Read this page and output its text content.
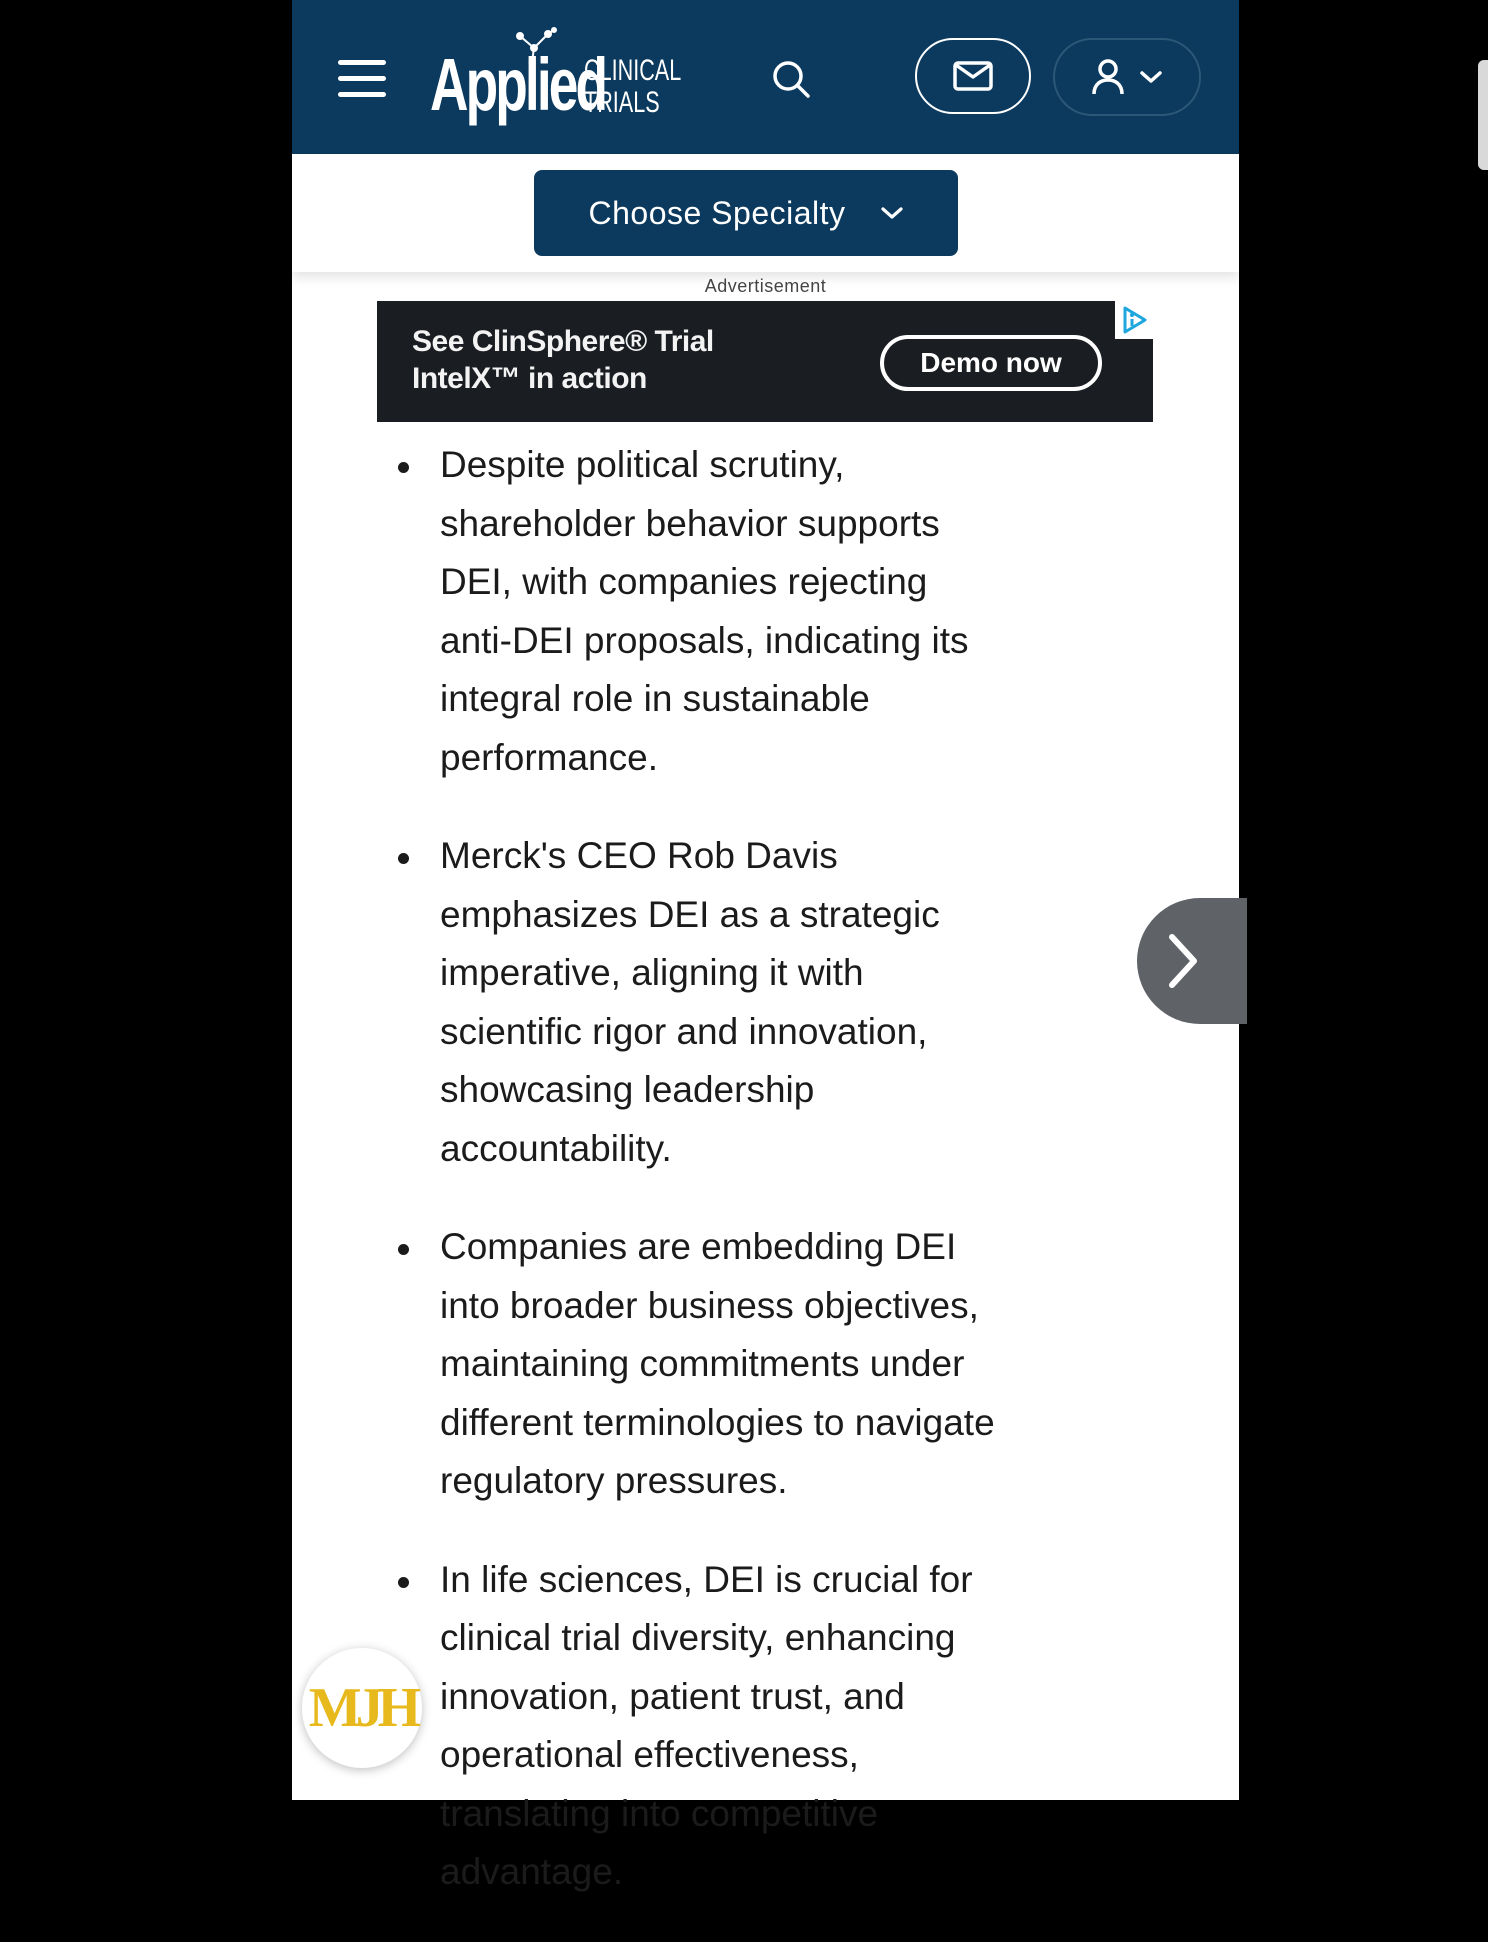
Applied
CLINICAL
TRIALS
Choose Specialty
Advertisement
See ClinSphere® Trial IntelX™ in action	Demo now
Despite political scrutiny, shareholder behavior supports DEI, with companies rejecting anti-DEI proposals, indicating its integral role in sustainable performance.
Merck's CEO Rob Davis emphasizes DEI as a strategic imperative, aligning it with scientific rigor and innovation, showcasing leadership accountability.
Companies are embedding DEI into broader business objectives, maintaining commitments under different terminologies to navigate regulatory pressures.
In life sciences, DEI is crucial for clinical trial diversity, enhancing innovation, patient trust, and operational effectiveness, translating into competitive advantage.
MJH
